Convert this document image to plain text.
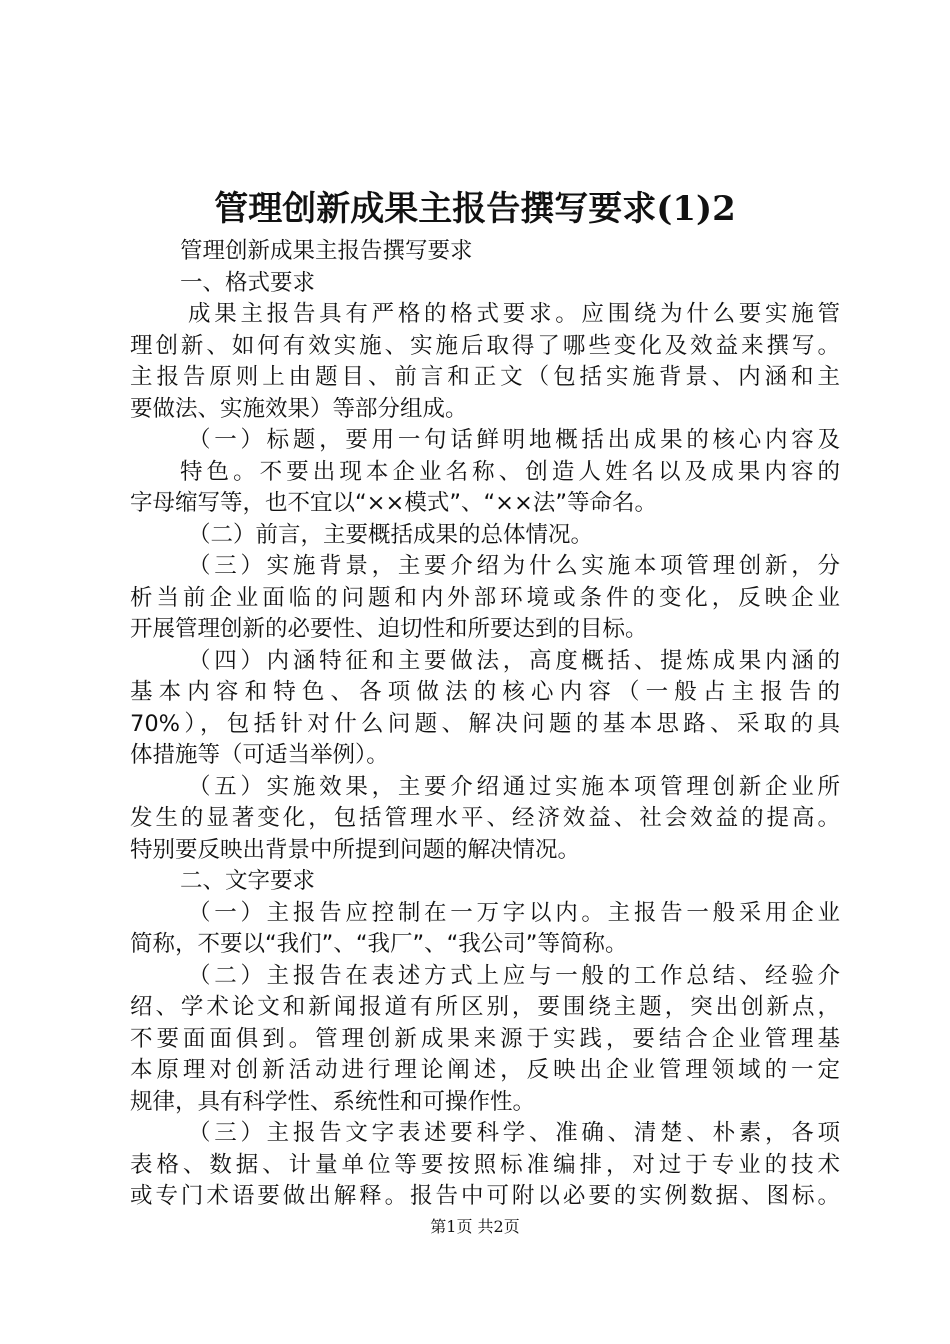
管理创新成果主报告撰写要求(1)2
管理创新成果主报告撰写要求
一、格式要求
成果主报告具有严格的格式要求。应围绕为什么要实施管
理创新、如何有效实施、实施后取得了哪些变化及效益来撰写。
主报告原则上由题目、前言和正文（包括实施背景、内涵和主
要做法、实施效果）等部分组成。
（一）标题，要用一句话鲜明地概括出成果的核心内容及
特色。不要出现本企业名称、创造人姓名以及成果内容的
字母缩写等，也不宜以“××模式”、“××法”等命名。
（二）前言，主要概括成果的总体情况。
（三）实施背景，主要介绍为什么实施本项管理创新，分
析当前企业面临的问题和内外部环境或条件的变化，反映企业
开展管理创新的必要性、迫切性和所要达到的目标。
（四）内涵特征和主要做法，高度概括、提炼成果内涵的
基本内容和特色、各项做法的核心内容（一般占主报告的
70%），包括针对什么问题、解决问题的基本思路、采取的具
体措施等（可适当举例）。
（五）实施效果，主要介绍通过实施本项管理创新企业所
发生的显著变化，包括管理水平、经济效益、社会效益的提高。
特别要反映出背景中所提到问题的解决情况。
二、文字要求
（一）主报告应控制在一万字以内。主报告一般采用企业
简称，不要以“我们”、“我厂”、“我公司”等简称。
（二）主报告在表述方式上应与一般的工作总结、经验介
绍、学术论文和新闻报道有所区别，要围绕主题，突出创新点，
不要面面俱到。管理创新成果来源于实践，要结合企业管理基
本原理对创新活动进行理论阐述，反映出企业管理领域的一定
规律，具有科学性、系统性和可操作性。
（三）主报告文字表述要科学、准确、清楚、朴素，各项
表格、数据、计量单位等要按照标准编排，对过于专业的技术
或专门术语要做出解释。报告中可附以必要的实例数据、图标。
第1页 共2页
